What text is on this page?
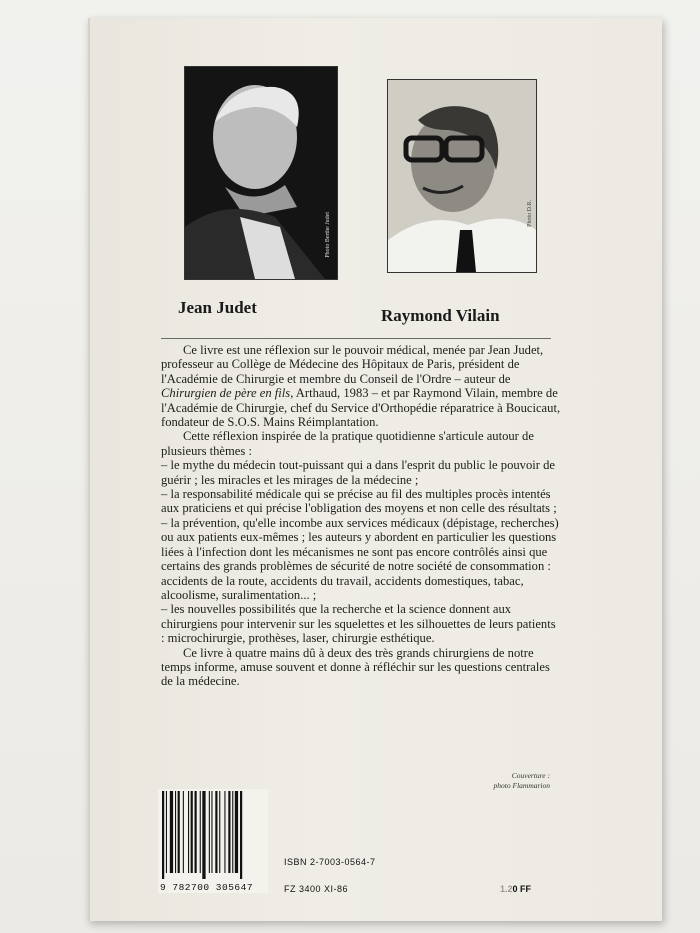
Photo Berthe Judet	Photo D.R.
Jean Judet	Raymond Vilain

Ce livre est une réflexion sur le pouvoir médical, menée par Jean Judet, professeur au Collège de Médecine des Hôpitaux de Paris, président de l'Académie de Chirurgie et membre du Conseil de l'Ordre – auteur de Chirurgien de père en fils, Arthaud, 1983 – et par Raymond Vilain, membre de l'Académie de Chirurgie, chef du Service d'Orthopédie réparatrice à Boucicaut, fondateur de S.O.S. Mains Réimplantation.

Cette réflexion inspirée de la pratique quotidienne s'articule autour de plusieurs thèmes :

– le mythe du médecin tout-puissant qui a dans l'esprit du public le pouvoir de guérir ; les miracles et les mirages de la médecine ;

– la responsabilité médicale qui se précise au fil des multiples procès intentés aux praticiens et qui précise l'obligation des moyens et non celle des résultats ;

– la prévention, qu'elle incombe aux services médicaux (dépistage, recherches) ou aux patients eux-mêmes ; les auteurs y abordent en particulier les questions liées à l'infection dont les mécanismes ne sont pas encore contrôlés ainsi que certains des grands problèmes de sécurité de notre société de consommation : accidents de la route, accidents du travail, accidents domestiques, tabac, alcoolisme, suralimentation... ;

– les nouvelles possibilités que la recherche et la science donnent aux chirurgiens pour intervenir sur les squelettes et les silhouettes de leurs patients : microchirurgie, prothèses, laser, chirurgie esthétique.

Ce livre à quatre mains dû à deux des très grands chirurgiens de notre temps informe, amuse souvent et donne à réfléchir sur les questions centrales de la médecine.

Couverture :
photo Flammarion
9 782700 305647
ISBN 2-7003-0564-7
FZ 3400 XI-86	1.20 FF
